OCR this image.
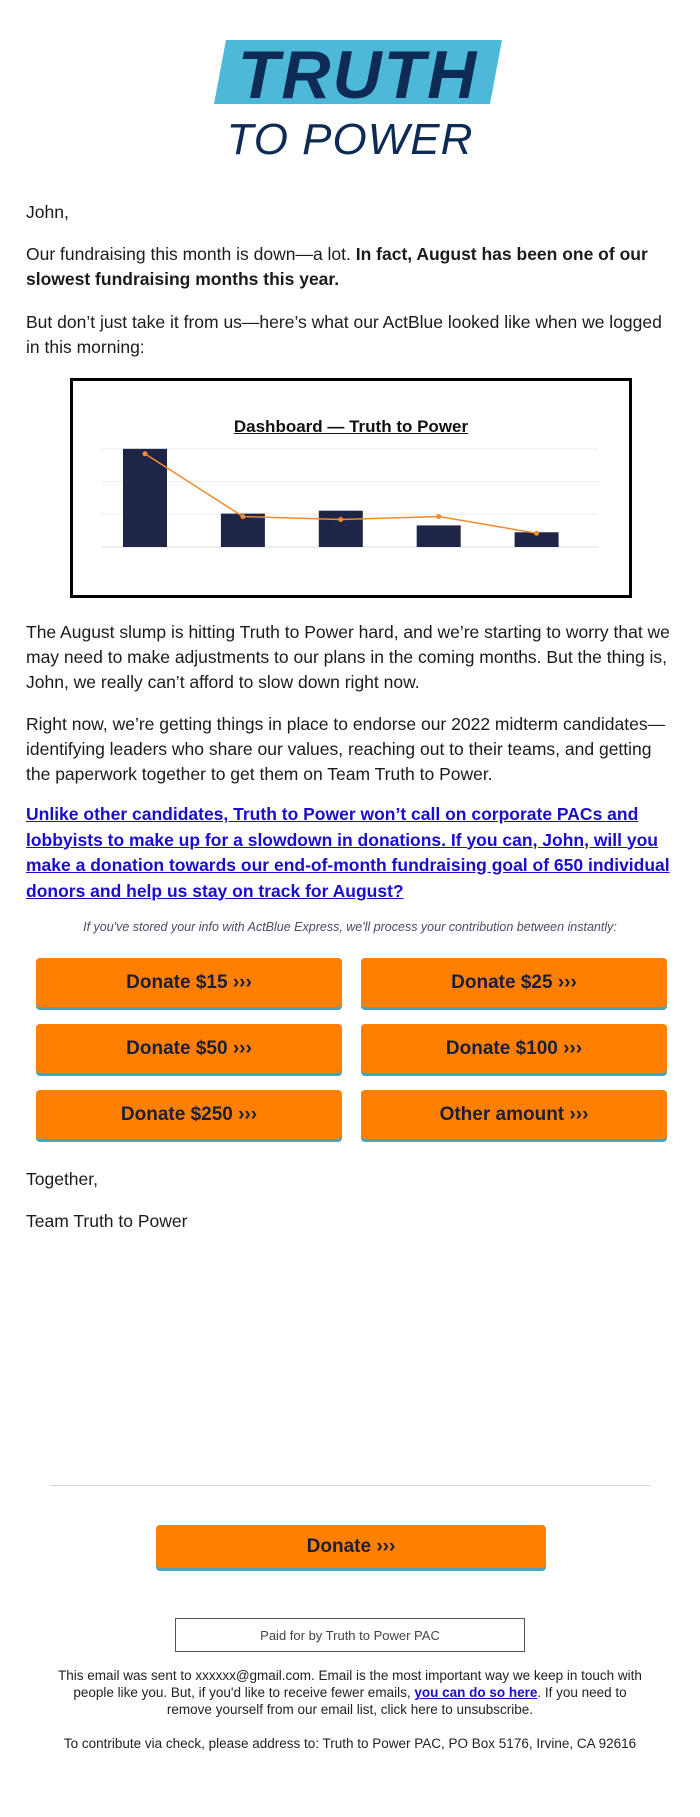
TRUTH
TO POWER
John,
Our fundraising this month is down—a lot. In fact, August has been one of our slowest fundraising months this year.
But don’t just take it from us—here’s what our ActBlue looked like when we logged in this morning:
Dashboard — Truth to Power
The August slump is hitting Truth to Power hard, and we’re starting to worry that we may need to make adjustments to our plans in the coming months. But the thing is, John, we really can’t afford to slow down right now.
Right now, we’re getting things in place to endorse our 2022 midterm candidates—identifying leaders who share our values, reaching out to their teams, and getting the paperwork together to get them on Team Truth to Power.
Unlike other candidates, Truth to Power won’t call on corporate PACs and lobbyists to make up for a slowdown in donations. If you can, John, will you make a donation towards our end-of-month fundraising goal of 650 individual donors and help us stay on track for August?
If you've stored your info with ActBlue Express, we'll process your contribution between instantly:
Donate $15 ›››	Donate $25 ›››
Donate $50 ›››	Donate $100 ›››
Donate $250 ›››	Other amount ›››
Together,
Team Truth to Power
Donate ›››
Paid for by Truth to Power PAC
This email was sent to xxxxxx@gmail.com. Email is the most important way we keep in touch with people like you. But, if you'd like to receive fewer emails, you can do so here. If you need to remove yourself from our email list, click here to unsubscribe.
To contribute via check, please address to: Truth to Power PAC, PO Box 5176, Irvine, CA 92616
